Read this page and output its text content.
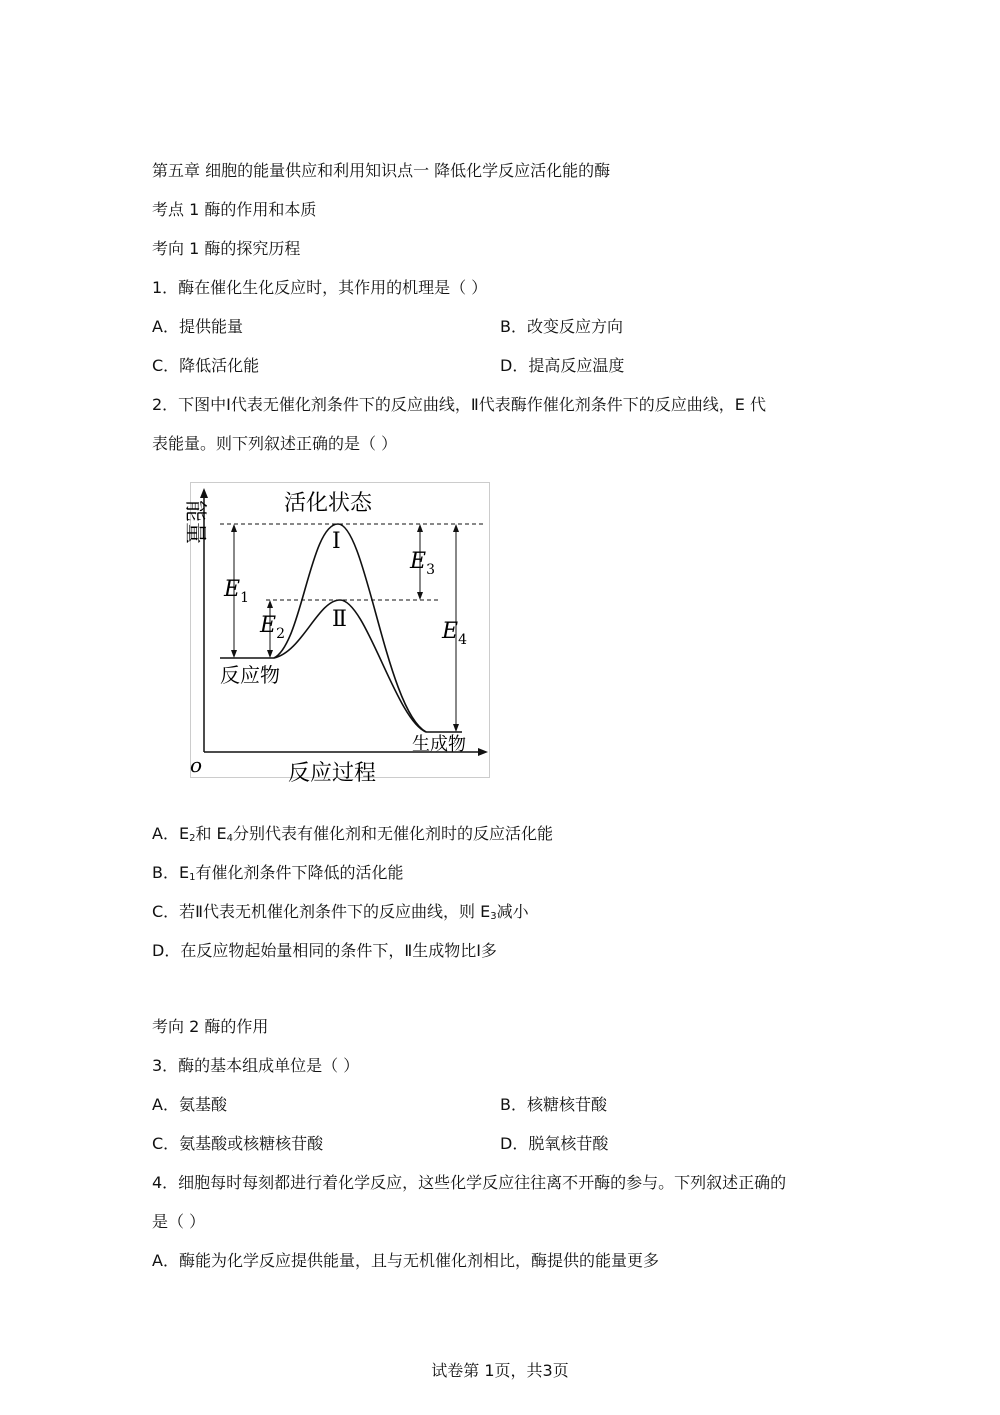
第五章 细胞的能量供应和利用知识点一 降低化学反应活化能的酶
考点 1 酶的作用和本质
考向 1 酶的探究历程
1．酶在催化生化反应时，其作用的机理是（ ）
A．提供能量	B．改变反应方向
C．降低活化能	D．提高反应温度
2．下图中Ⅰ代表无催化剂条件下的反应曲线，Ⅱ代表酶作催化剂条件下的反应曲线，E 代
表能量。则下列叙述正确的是（ ）
能量	活化状态
Ⅰ
Ⅱ
反应物
生成物
反应过程
o
$E_1$
$E_2$
$E_3$
$E_4$
A．$E_2$和 $E_4$分别代表有催化剂和无催化剂时的反应活化能
B．$E_1$有催化剂条件下降低的活化能
C．若Ⅱ代表无机催化剂条件下的反应曲线，则 $E_3$减小
D．在反应物起始量相同的条件下，Ⅱ生成物比Ⅰ多
考向 2 酶的作用
3．酶的基本组成单位是（ ）
A．氨基酸	B．核糖核苷酸
C．氨基酸或核糖核苷酸	D．脱氧核苷酸
4．细胞每时每刻都进行着化学反应，这些化学反应往往离不开酶的参与。下列叙述正确的
是（ ）
A．酶能为化学反应提供能量，且与无机催化剂相比，酶提供的能量更多
试卷第 1页，共3页
